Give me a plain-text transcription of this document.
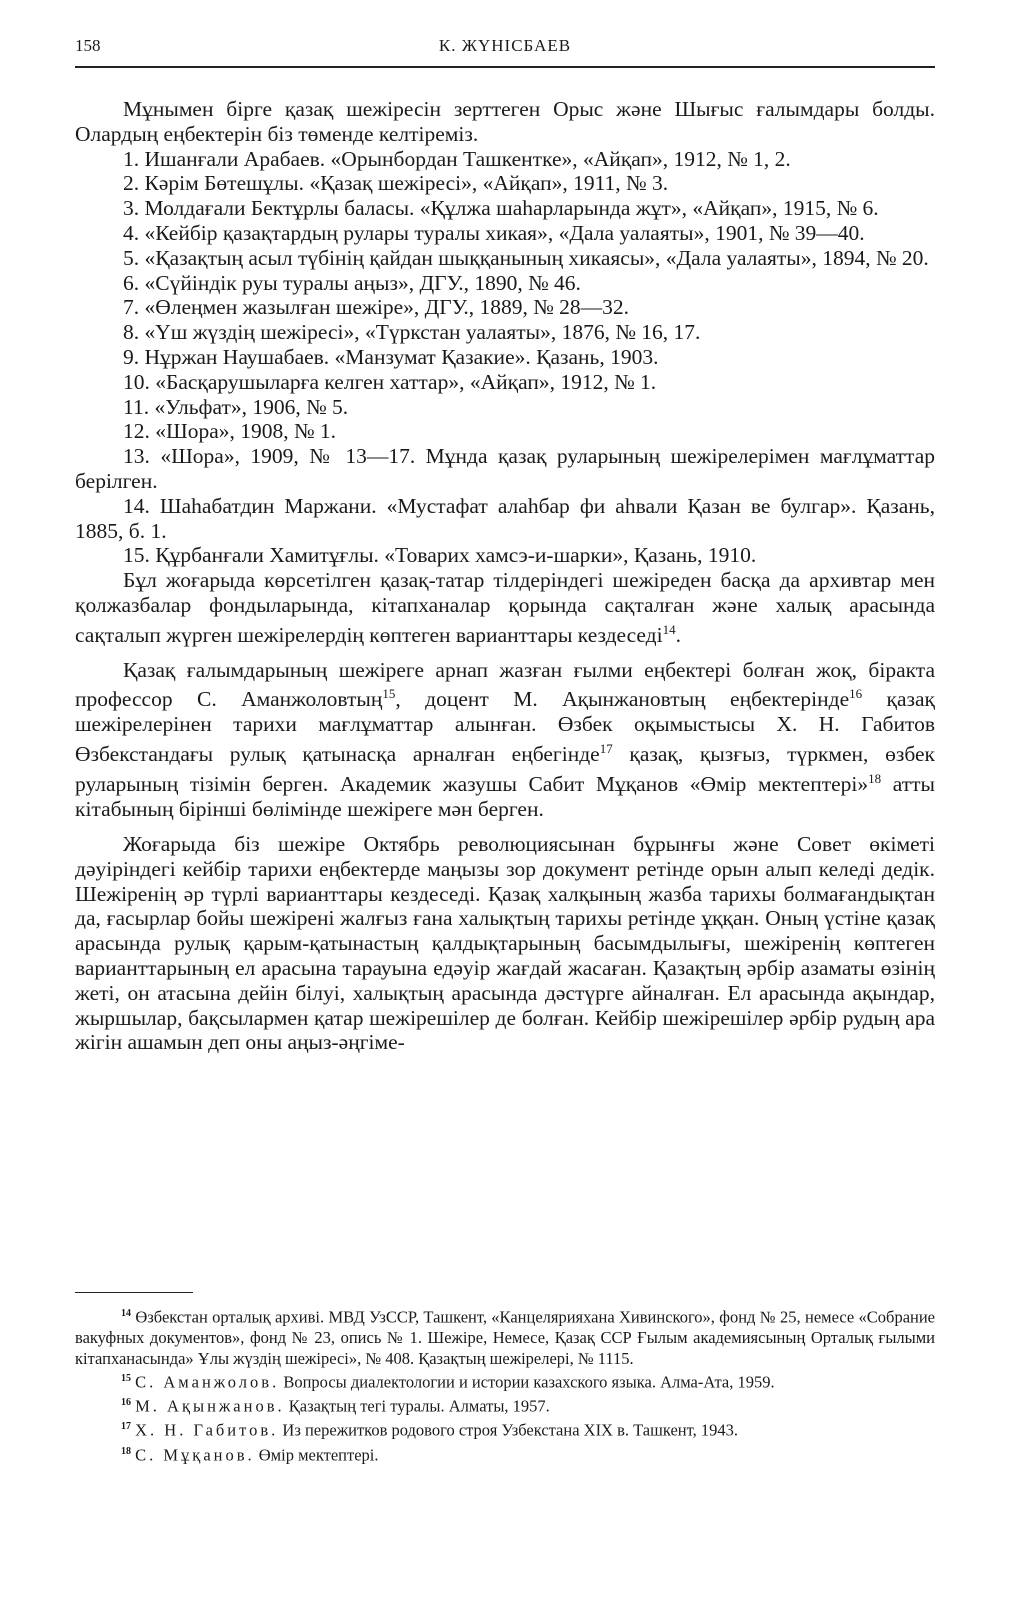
158	К. ЖҮНІСБАЕВ

Мұнымен бірге қазақ шежіресін зерттеген Орыс және Шығыс ғалымдары болды. Олардың еңбектерін біз төменде келтіреміз.

1. Ишанғали Арабаев. «Орынбордан Ташкентке», «Айқап», 1912, № 1, 2.
2. Кәрім Бөтешұлы. «Қазақ шежіресі», «Айқап», 1911, № 3.
3. Молдағали Бектұрлы баласы. «Құлжа шаһарларында жұт», «Айқап», 1915, № 6.
4. «Кейбір қазақтардың рулары туралы хикая», «Дала уалаяты», 1901, № 39—40.
5. «Қазақтың асыл түбінің қайдан шыққанының хикаясы», «Дала уалаяты», 1894, № 20.
6. «Сүйіндік руы туралы аңыз», ДГУ., 1890, № 46.
7. «Өлеңмен жазылған шежіре», ДГУ., 1889, № 28—32.
8. «Үш жүздің шежіресі», «Түркстан уалаяты», 1876, № 16, 17.
9. Нұржан Наушабаев. «Манзумат Қазакие». Қазань, 1903.
10. «Басқарушыларға келген хаттар», «Айқап», 1912, № 1.
11. «Ульфат», 1906, № 5.
12. «Шора», 1908, № 1.
13. «Шора», 1909, № 13—17. Мұнда қазақ руларының шежірелерімен мағлұматтар берілген.
14. Шаһабатдин Маржани. «Мустафат алаһбар фи аһвали Қазан ве булгар». Қазань, 1885, б. 1.
15. Құрбанғали Хамитұғлы. «Товарих хамсэ-и-шарки», Қазань, 1910.

Бұл жоғарыда көрсетілген қазақ-татар тілдеріндегі шежіреден басқа да архивтар мен қолжазбалар фондыларында, кітапханалар қорында сақталған және халық арасында сақталып жүрген шежірелердің көптеген варианттары кездеседі$^{14}$.

Қазақ ғалымдарының шежірeге арнап жазған ғылми еңбектері болған жоқ, біракта профессор С. Аманжоловтың$^{15}$, доцент М. Ақынжановтың еңбектерінде$^{16}$ қазақ шежірелерінен тарихи мағлұматтар алынған. Өзбек оқымыстысы Х. Н. Габитов Өзбекстандағы рулық қатынасқа арналған еңбегінде$^{17}$ қазақ, қызғыз, түркмен, өзбек руларының тізімін берген. Академик жазушы Сабит Мұқанов «Өмір мектептері»$^{18}$ атты кітабының бірінші бөлімінде шежіреге мән берген.

Жоғарыда біз шежіре Октябрь революциясынан бұрынғы және Совет өкіметі дәуіріндегі кейбір тарихи еңбектерде маңызы зор документ ретінде орын алып келеді дедік. Шежіренің әр түрлі варианттары кездеседі. Қазақ халқының жазба тарихы болмағандықтан да, ғасырлар бойы шежірені жалғыз ғана халықтың тарихы ретінде ұққан. Оның үстіне қазақ арасында рулық қарым-қатынастың қалдықтарының басымдылығы, шежіренің көптеген варианттарының ел арасына тарауына едәуір жағдай жасаған. Қазақтың әрбір азаматы өзінің жеті, он атасына дейін білуі, халықтың арасында дәстүрге айналған. Ел арасында ақындар, жыршылар, бақсылармен қатар шежірешілер де болған. Кейбір шежірешілер әрбір рудың ара жігін ашамын деп оны аңыз-әңгіме-

$^{14}$ Өзбекстан орталық архиві. МВД УзССР, Ташкент, «Канцелярияхана Хивинского», фонд № 25, немесе «Собрание вакуфных документов», фонд № 23, опись № 1. Шежіре, Немесе, Қазақ ССР Ғылым академиясының Орталық ғылыми кітапханасында» Ұлы жүздің шежіресі», № 408. Қазақтың шежірелері, № 1115.

$^{15}$ С. Аманжолов. Вопросы диалектологии и истории казахского языка. Алма-Ата, 1959.

$^{16}$ М. Ақынжанов. Қазақтың тегі туралы. Алматы, 1957.

$^{17}$ Х. Н. Габитов. Из пережитков родового строя Узбекстана XIX в. Ташкент, 1943.

$^{18}$ С. Мұқанов. Өмір мектептері.
